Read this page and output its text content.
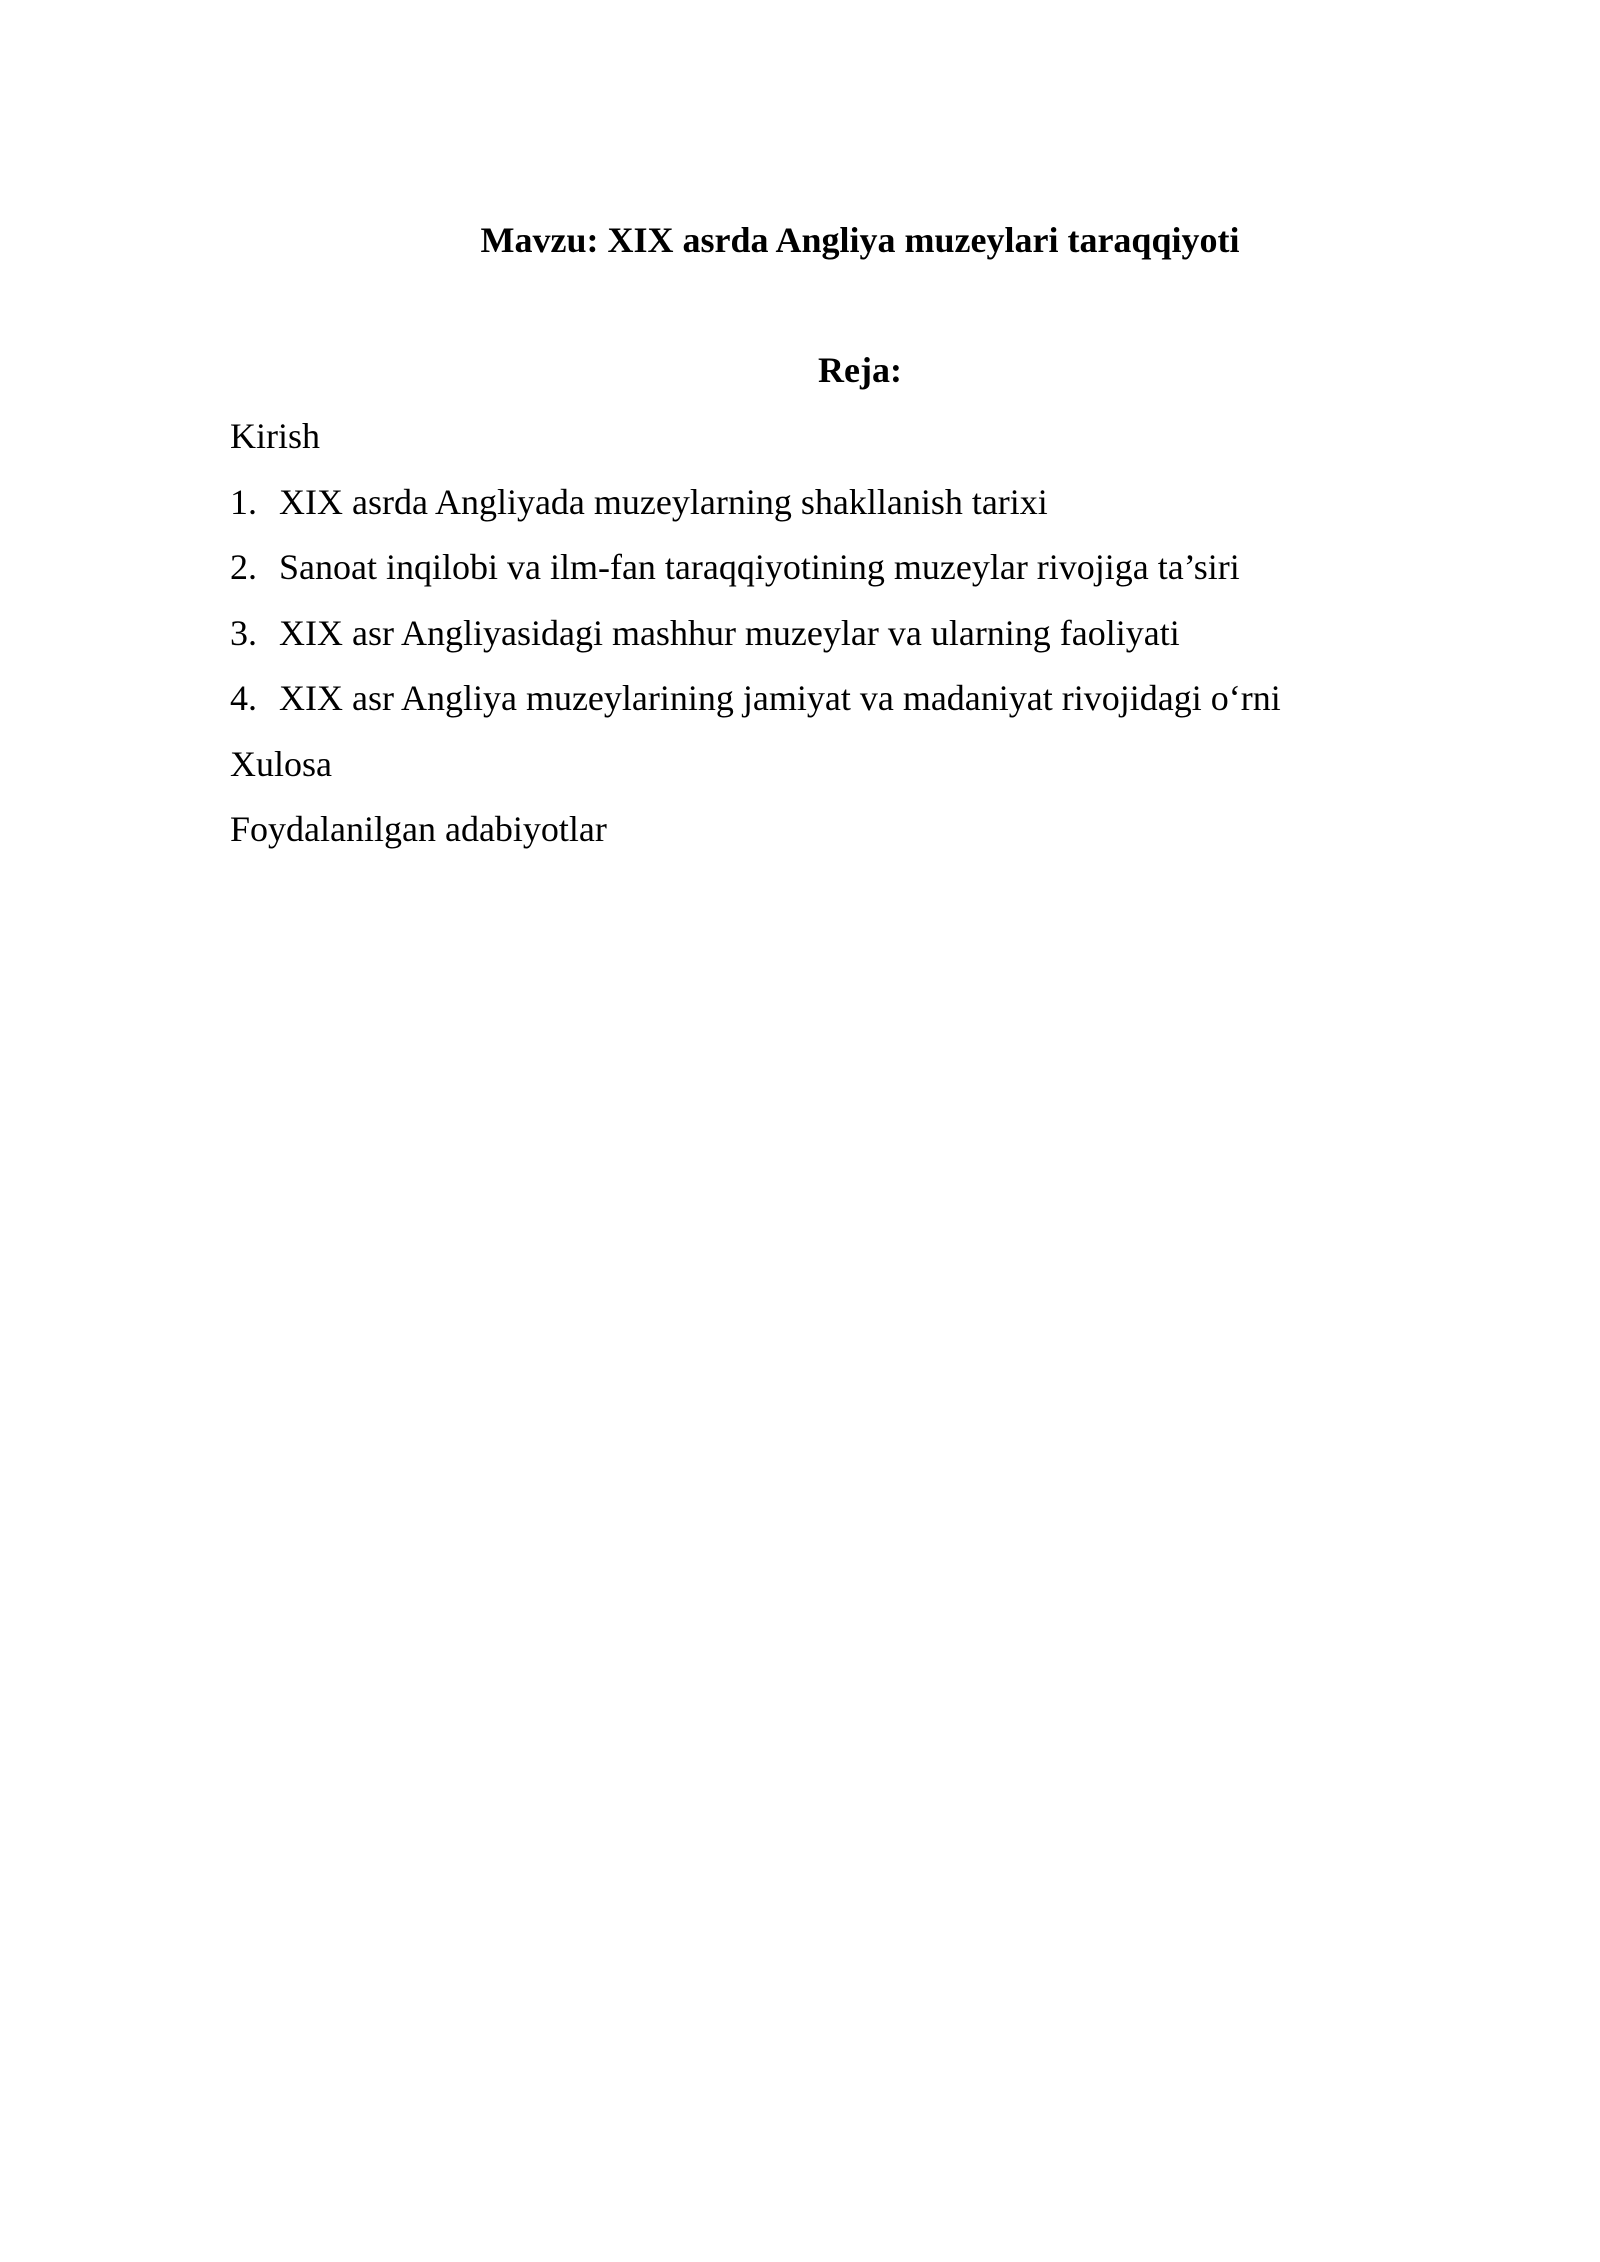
Mavzu: XIX asrda Angliya muzeylari taraqqiyoti
Reja:
Kirish
1. XIX asrda Angliyada muzeylarning shakllanish tarixi
2. Sanoat inqilobi va ilm-fan taraqqiyotining muzeylar rivojiga ta’siri
3. XIX asr Angliyasidagi mashhur muzeylar va ularning faoliyati
4. XIX asr Angliya muzeylarining jamiyat va madaniyat rivojidagi o‘rni
Xulosa
Foydalanilgan adabiyotlar
